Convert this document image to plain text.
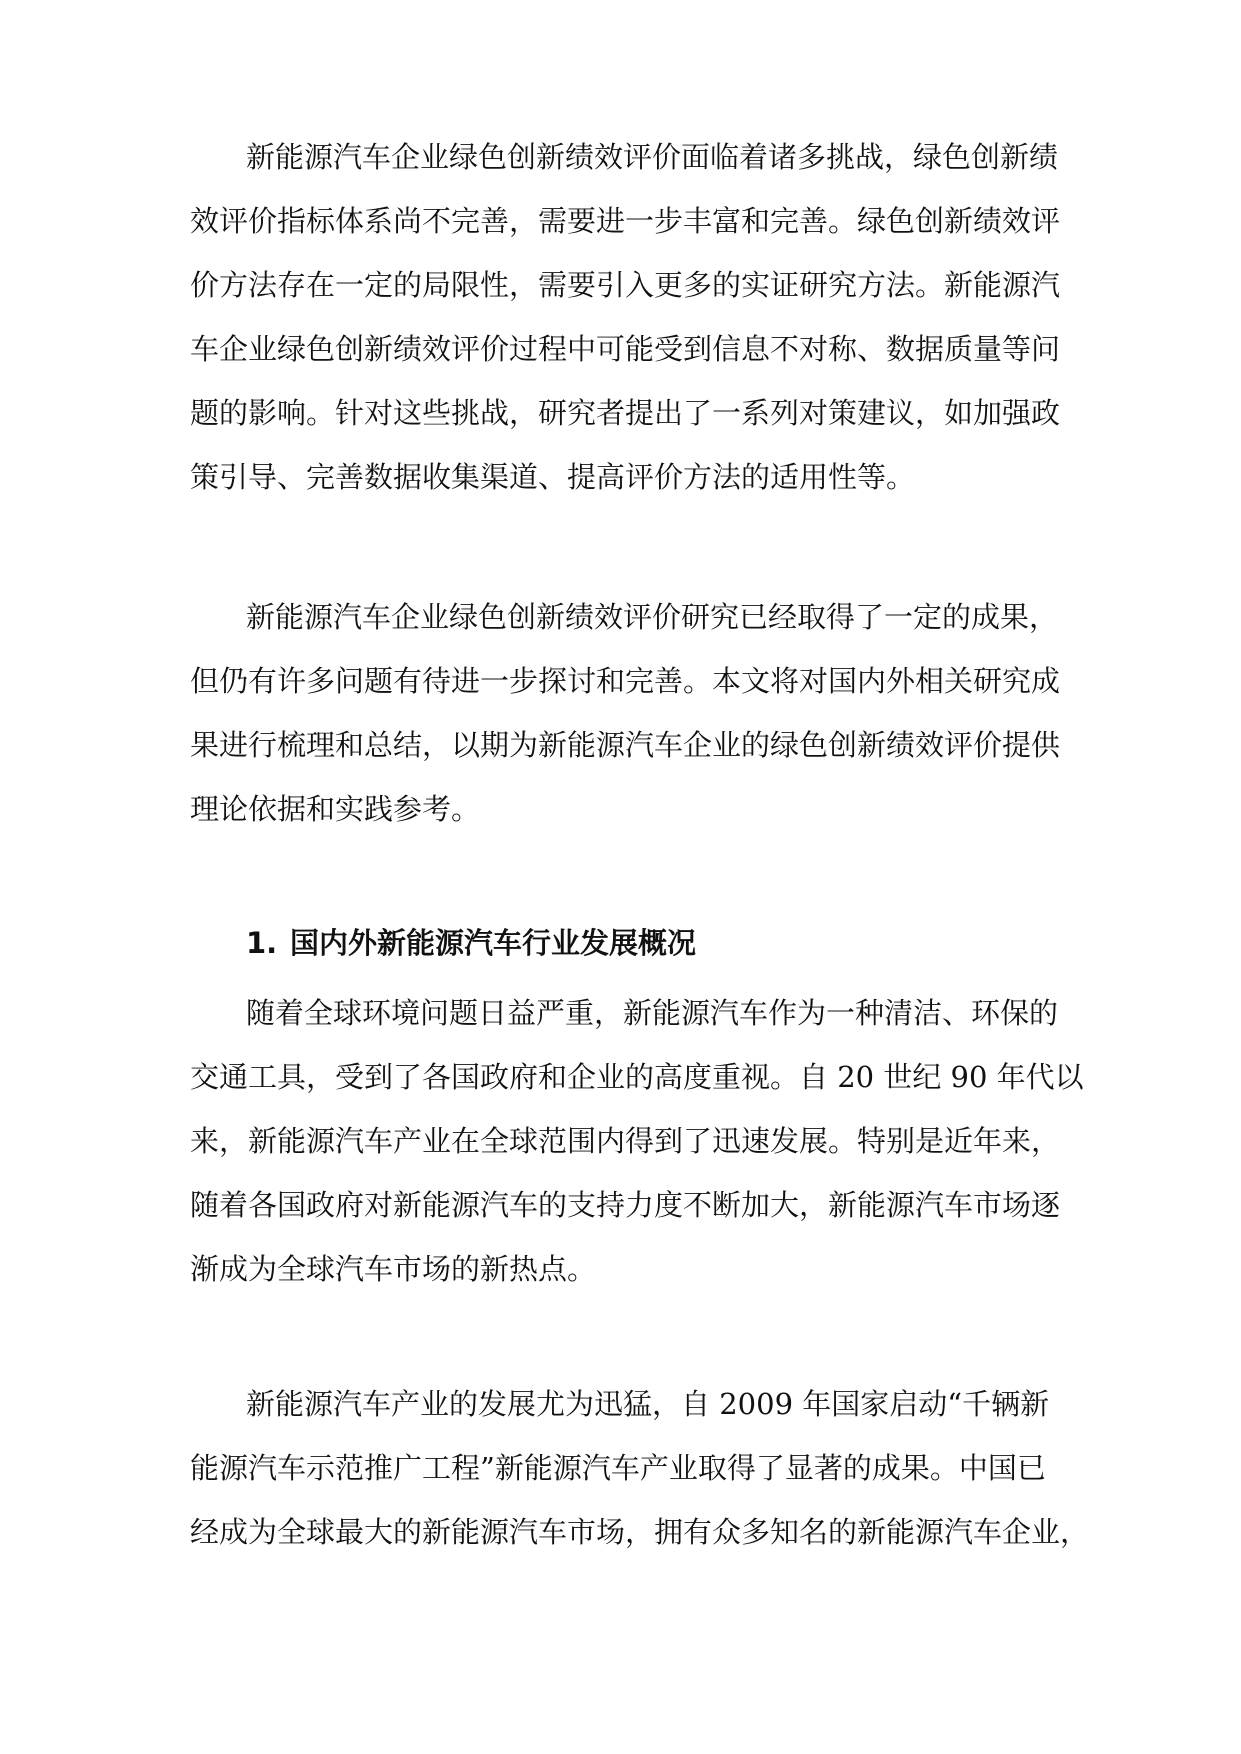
新能源汽车企业绿色创新绩效评价面临着诸多挑战，绿色创新绩
效评价指标体系尚不完善，需要进一步丰富和完善。绿色创新绩效评
价方法存在一定的局限性，需要引入更多的实证研究方法。新能源汽
车企业绿色创新绩效评价过程中可能受到信息不对称、数据质量等问
题的影响。针对这些挑战，研究者提出了一系列对策建议，如加强政
策引导、完善数据收集渠道、提高评价方法的适用性等。
新能源汽车企业绿色创新绩效评价研究已经取得了一定的成果，
但仍有许多问题有待进一步探讨和完善。本文将对国内外相关研究成
果进行梳理和总结，以期为新能源汽车企业的绿色创新绩效评价提供
理论依据和实践参考。
1. 国内外新能源汽车行业发展概况
随着全球环境问题日益严重，新能源汽车作为一种清洁、环保的
交通工具，受到了各国政府和企业的高度重视。自 20 世纪 90 年代以
来，新能源汽车产业在全球范围内得到了迅速发展。特别是近年来，
随着各国政府对新能源汽车的支持力度不断加大，新能源汽车市场逐
渐成为全球汽车市场的新热点。
新能源汽车产业的发展尤为迅猛，自 2009 年国家启动“千辆新
能源汽车示范推广工程”新能源汽车产业取得了显著的成果。中国已
经成为全球最大的新能源汽车市场，拥有众多知名的新能源汽车企业，
